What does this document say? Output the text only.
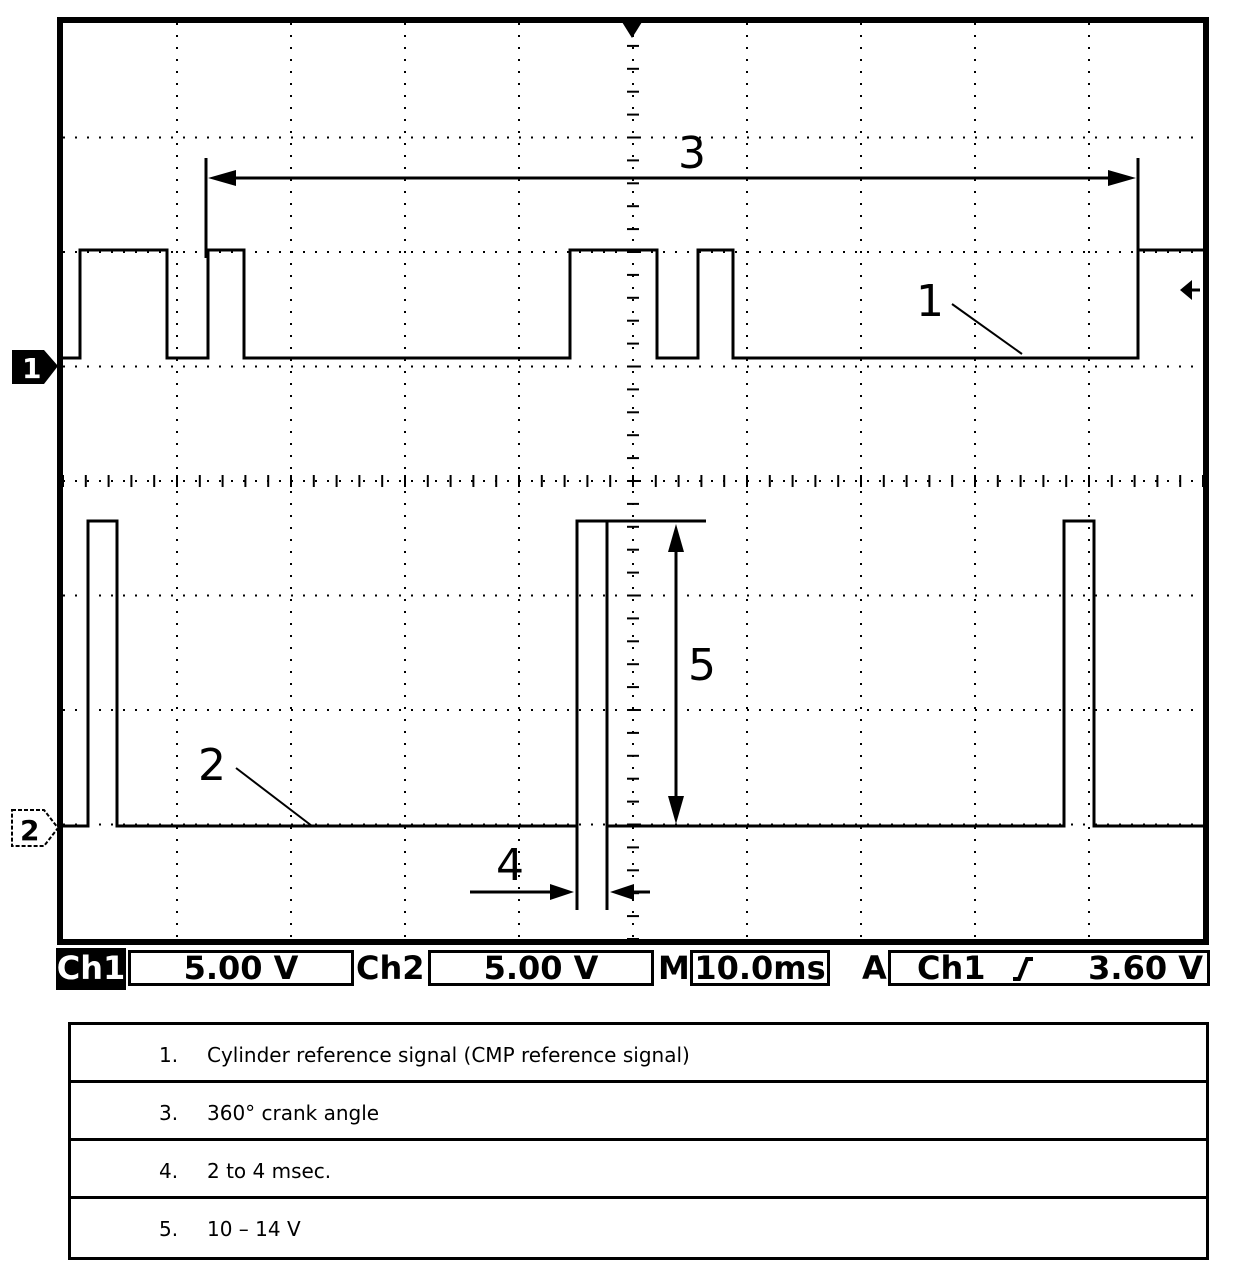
1
2
3
1
2
5
4
Ch1	5.00 V	Ch2	5.00 V	M 10.0ms A Ch1	3.60 V
1. Cylinder reference signal (CMP reference signal)
3. 360° crank angle
4. 2 to 4 msec.
5. 10 – 14 V
